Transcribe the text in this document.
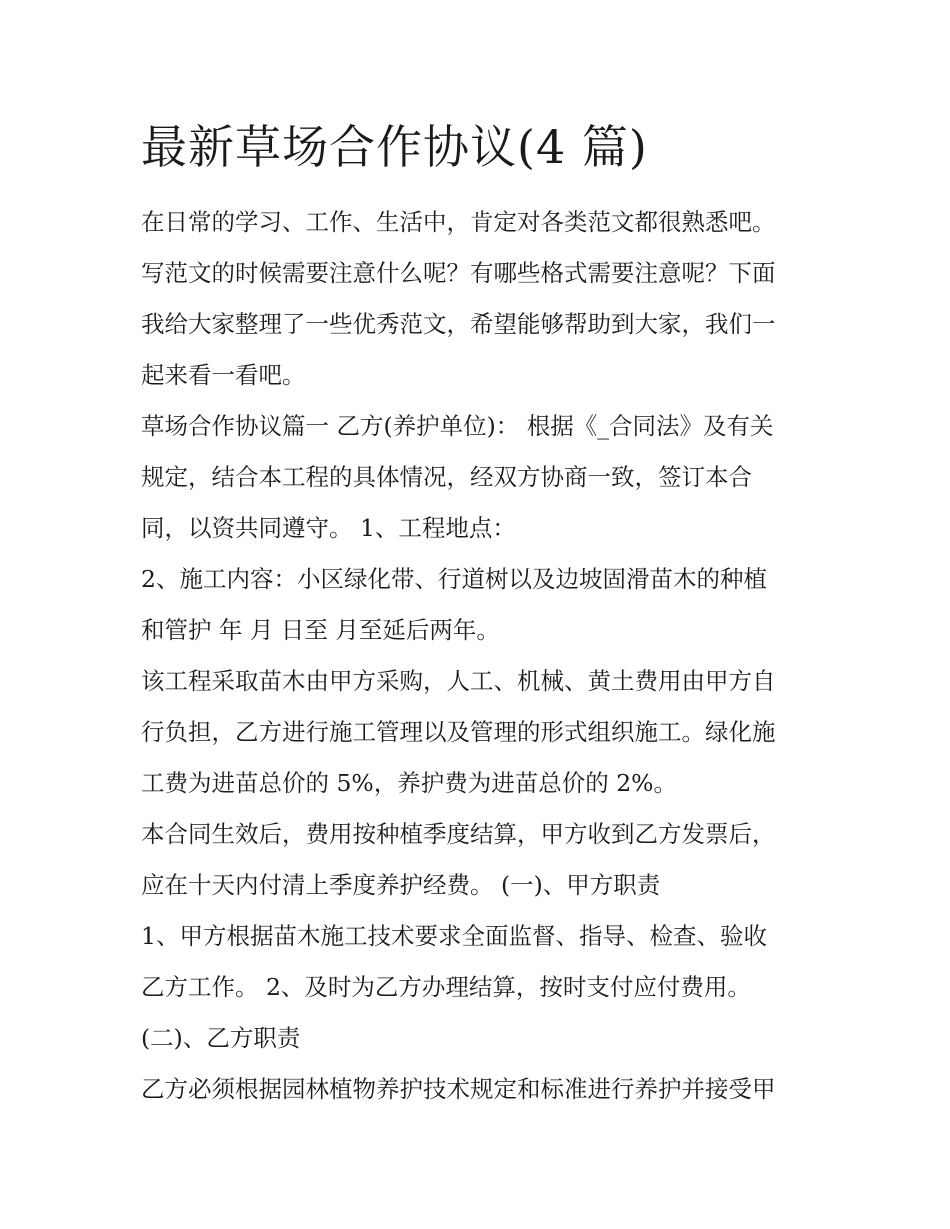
最新草场合作协议(4 篇)
在日常的学习、工作、生活中，肯定对各类范文都很熟悉吧。
写范文的时候需要注意什么呢？有哪些格式需要注意呢？下面
我给大家整理了一些优秀范文，希望能够帮助到大家，我们一
起来看一看吧。
草场合作协议篇一 乙方(养护单位)： 根据《_合同法》及有关
规定，结合本工程的具体情况，经双方协商一致，签订本合
同，以资共同遵守。 1、工程地点：
2、施工内容：小区绿化带、行道树以及边坡固滑苗木的种植
和管护 年 月 日至 月至延后两年。
该工程采取苗木由甲方采购，人工、机械、黄土费用由甲方自
行负担，乙方进行施工管理以及管理的形式组织施工。绿化施
工费为进苗总价的 5%，养护费为进苗总价的 2%。
本合同生效后，费用按种植季度结算，甲方收到乙方发票后，
应在十天内付清上季度养护经费。 (一)、甲方职责
1、甲方根据苗木施工技术要求全面监督、指导、检查、验收
乙方工作。 2、及时为乙方办理结算，按时支付应付费用。
(二)、乙方职责
乙方必须根据园林植物养护技术规定和标准进行养护并接受甲
